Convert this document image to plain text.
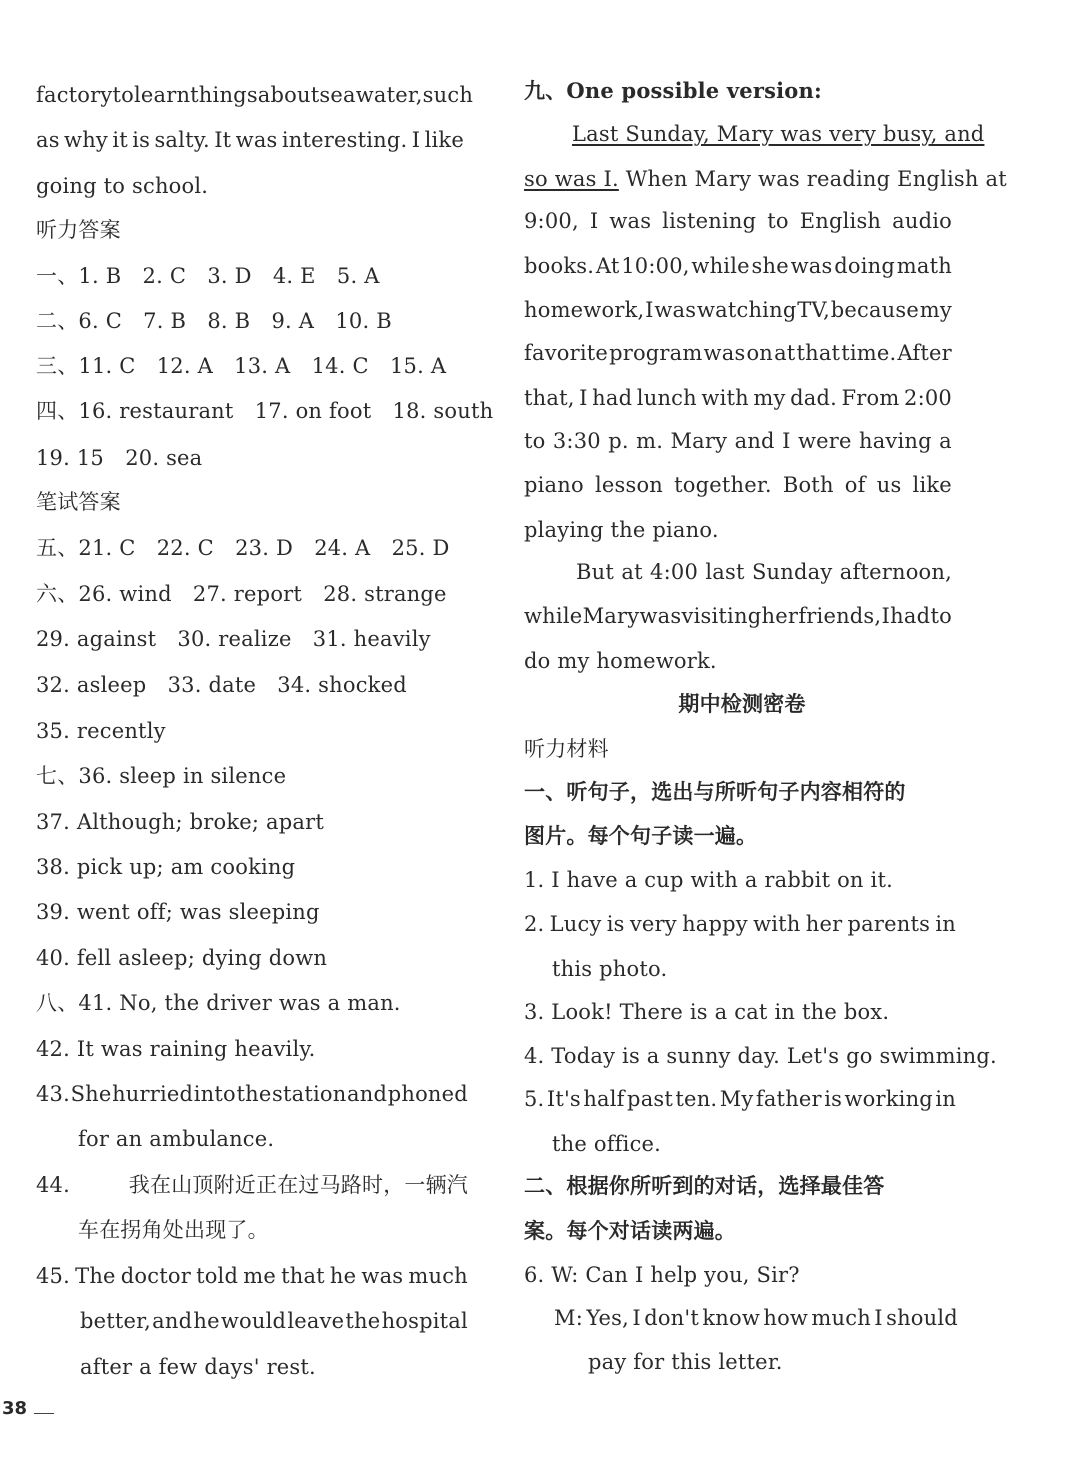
factory to learn things about seawater, such
as why it is salty. It was interesting. I like
going to school.
听力答案
一、1. B　2. C　3. D　4. E　5. A
二、6. C　7. B　8. B　9. A　10. B
三、11. C　12. A　13. A　14. C　15. A
四、16. restaurant　17. on foot　18. south
19. 15　20. sea
笔试答案
五、21. C　22. C　23. D　24. A　25. D
六、26. wind　27. report　28. strange
29. against　30. realize　31. heavily
32. asleep　33. date　34. shocked
35. recently
七、36. sleep in silence
37. Although; broke; apart
38. pick up; am cooking
39. went off; was sleeping
40. fell asleep; dying down
八、41. No, the driver was a man.
42. It was raining heavily.
43. She hurried into the station and phoned
for an ambulance.
44.	我在山顶附近正在过马路时，一辆汽
车在拐角处出现了。
45. The doctor told me that he was much
better, and he would leave the hospital
after a few days' rest.
九、One possible version:
Last Sunday, Mary was very busy, and
so was I. When Mary was reading English at
9:00, I was listening to English audio
books. At 10:00, while she was doing math
homework, I was watching TV, because my
favorite program was on at that time. After
that, I had lunch with my dad. From 2:00
to 3:30 p. m. Mary and I were having a
piano lesson together. Both of us like
playing the piano.
But at 4:00 last Sunday afternoon,
while Mary was visiting her friends, I had to
do my homework.
期中检测密卷
听力材料
一、听句子，选出与所听句子内容相符的
图片。每个句子读一遍。
1. I have a cup with a rabbit on it.
2. Lucy is very happy with her parents in
this photo.
3. Look! There is a cat in the box.
4. Today is a sunny day. Let's go swimming.
5. It's half past ten. My father is working in
the office.
二、根据你所听到的对话，选择最佳答
案。每个对话读两遍。
6. W: Can I help you, Sir?
M: Yes, I don't know how much I should
pay for this letter.
38
